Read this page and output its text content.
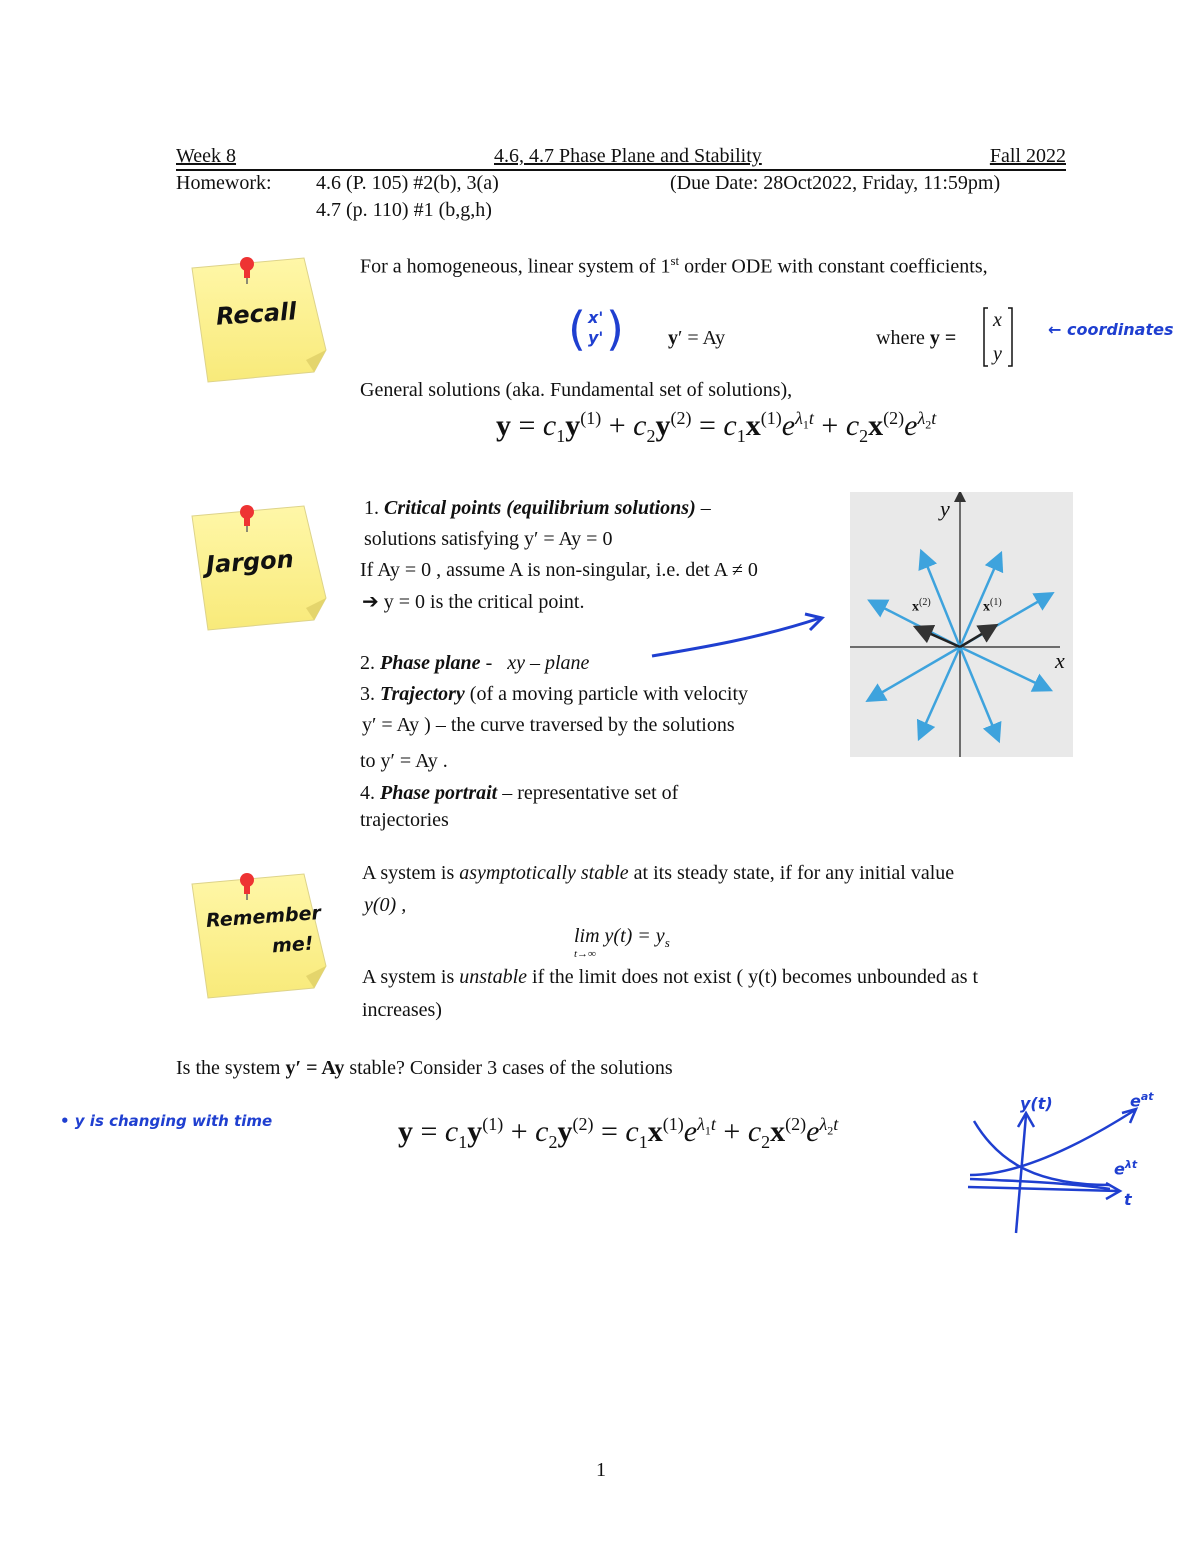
Week 8	4.6, 4.7 Phase Plane and Stability	Fall 2022
Homework: 4.6 (P. 105) #2(b), 3(a)	(Due Date: 28Oct2022, Friday, 11:59pm)
4.7 (p. 110) #1 (b,g,h)
Recall
For a homogeneous, linear system of 1st order ODE with constant coefficients,
( x'
y' ) y′ = Ay	where y =
x
y
← coordinates
General solutions (aka. Fundamental set of solutions),
$y = c_1y^{(1)} + c_2y^{(2)} = c_1x^{(1)}e^{\lambda_1t} + c_2x^{(2)}e^{\lambda_2t}$
Jargon
1. Critical points (equilibrium solutions) –
solutions satisfying y′ = Ay = 0
If Ay = 0 , assume A is non-singular, i.e. det A ≠ 0
➔ y = 0 is the critical point.
2. Phase plane - xy – plane
3. Trajectory (of a moving particle with velocity
y′ = Ay ) – the curve traversed by the solutions
to y′ = Ay .
4. Phase portrait – representative set of
trajectories
y
x
$x^{(1)}$
$x^{(2)}$
Remember
me!
A system is asymptotically stable at its steady state, if for any initial value
y(0) ,
$\lim y(t) = y_s$
t→∞
A system is unstable if the limit does not exist ( y(t) becomes unbounded as t
increases)
Is the system y′ = Ay stable? Consider 3 cases of the solutions
• y is changing with time	$y = c_1y^{(1)} + c_2y^{(2)} = c_1x^{(1)}e^{\lambda_1t} + c_2x^{(2)}e^{\lambda_2t}$
y(t)	$e^{at}$
$e^{\lambda t}$
t
1
